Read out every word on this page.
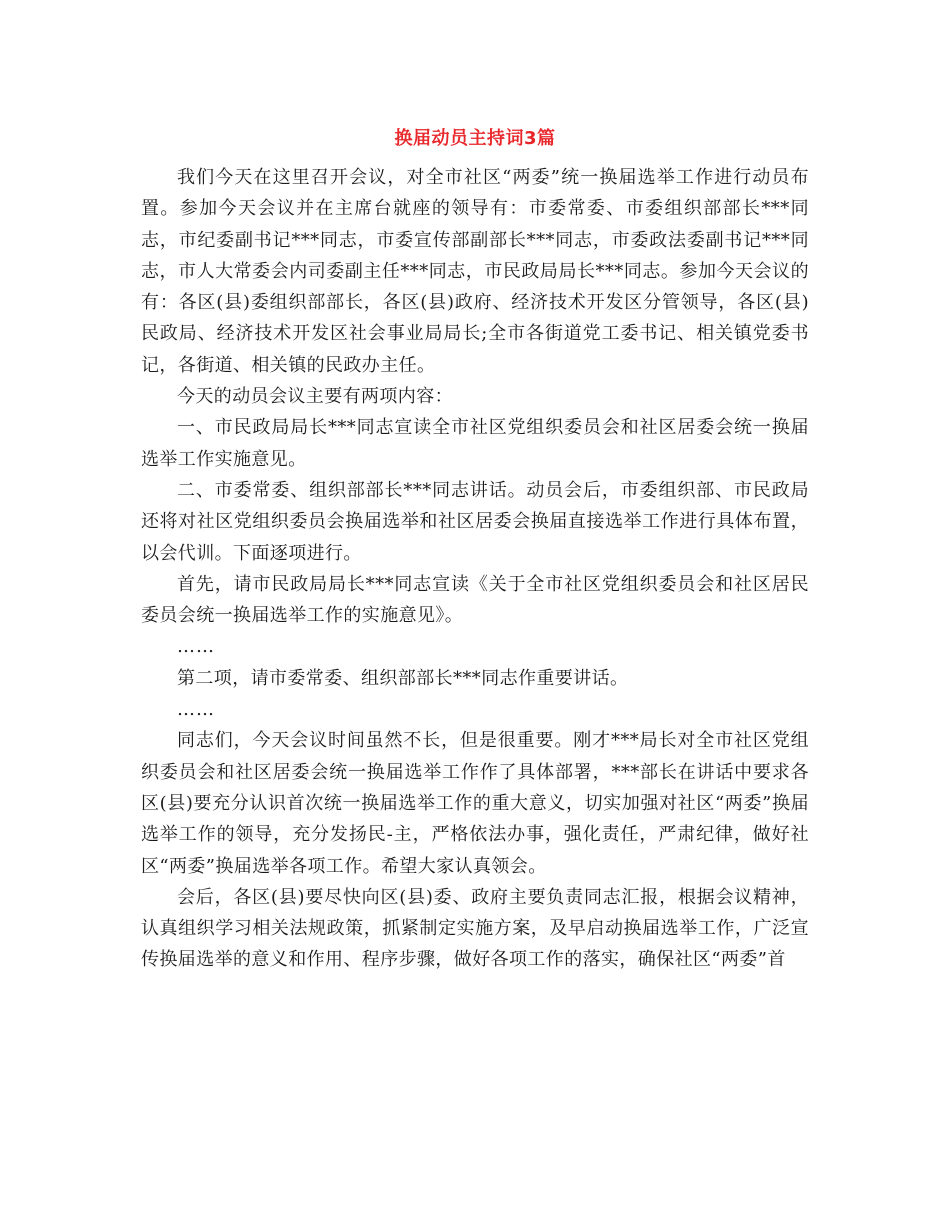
换届动员主持词3篇

我们今天在这里召开会议，对全市社区“两委”统一换届选举工作进行动员布置。参加今天会议并在主席台就座的领导有：市委常委、市委组织部部长***同志，市纪委副书记***同志，市委宣传部副部长***同志，市委政法委副书记***同志，市人大常委会内司委副主任***同志，市民政局局长***同志。参加今天会议的有：各区(县)委组织部部长，各区(县)政府、经济技术开发区分管领导，各区(县)民政局、经济技术开发区社会事业局局长;全市各街道党工委书记、相关镇党委书记，各街道、相关镇的民政办主任。

今天的动员会议主要有两项内容：

一、市民政局局长***同志宣读全市社区党组织委员会和社区居委会统一换届选举工作实施意见。

二、市委常委、组织部部长***同志讲话。动员会后，市委组织部、市民政局还将对社区党组织委员会换届选举和社区居委会换届直接选举工作进行具体布置，以会代训。下面逐项进行。

首先，请市民政局局长***同志宣读《关于全市社区党组织委员会和社区居民委员会统一换届选举工作的实施意见》。

……

第二项，请市委常委、组织部部长***同志作重要讲话。

……

同志们，今天会议时间虽然不长，但是很重要。刚才***局长对全市社区党组织委员会和社区居委会统一换届选举工作作了具体部署，***部长在讲话中要求各区(县)要充分认识首次统一换届选举工作的重大意义，切实加强对社区“两委”换届选举工作的领导，充分发扬民-主，严格依法办事，强化责任，严肃纪律，做好社区“两委”换届选举各项工作。希望大家认真领会。

会后，各区(县)要尽快向区(县)委、政府主要负责同志汇报，根据会议精神，认真组织学习相关法规政策，抓紧制定实施方案，及早启动换届选举工作，广泛宣传换届选举的意义和作用、程序步骤，做好各项工作的落实，确保社区“两委”首
